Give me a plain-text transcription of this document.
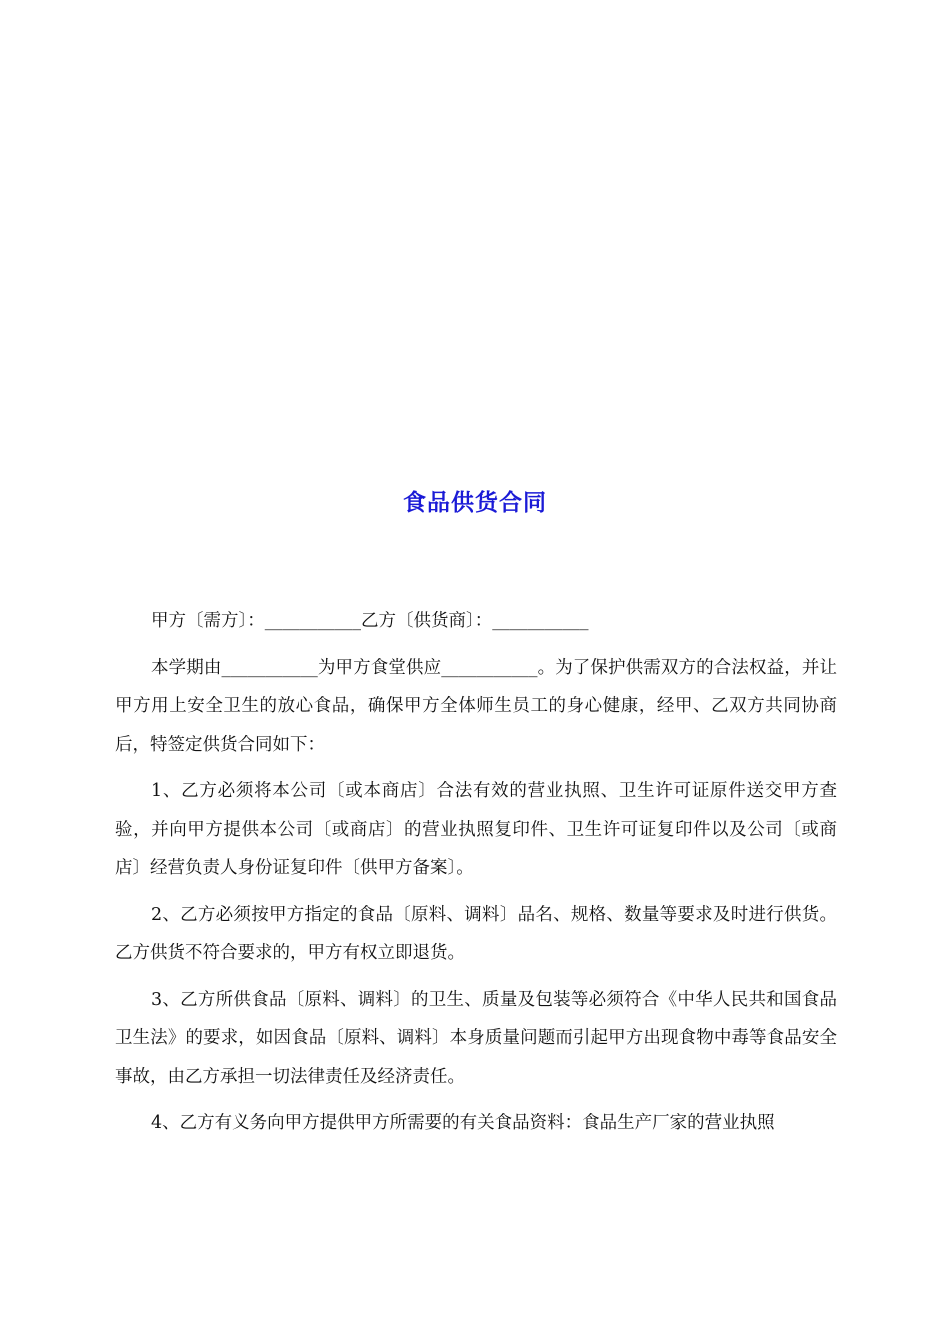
食品供货合同

甲方〔需方〕：___________乙方〔供货商〕：___________

本学期由___________为甲方食堂供应___________。为了保护供需双方的合法权益，并让甲方用上安全卫生的放心食品，确保甲方全体师生员工的身心健康，经甲、乙双方共同协商后，特签定供货合同如下：

1、乙方必须将本公司〔或本商店〕合法有效的营业执照、卫生许可证原件送交甲方查验，并向甲方提供本公司〔或商店〕的营业执照复印件、卫生许可证复印件以及公司〔或商店〕经营负责人身份证复印件〔供甲方备案〕。

2、乙方必须按甲方指定的食品〔原料、调料〕品名、规格、数量等要求及时进行供货。乙方供货不符合要求的，甲方有权立即退货。

3、乙方所供食品〔原料、调料〕的卫生、质量及包装等必须符合《中华人民共和国食品卫生法》的要求，如因食品〔原料、调料〕本身质量问题而引起甲方出现食物中毒等食品安全事故，由乙方承担一切法律责任及经济责任。

4、乙方有义务向甲方提供甲方所需要的有关食品资料：食品生产厂家的营业执照
